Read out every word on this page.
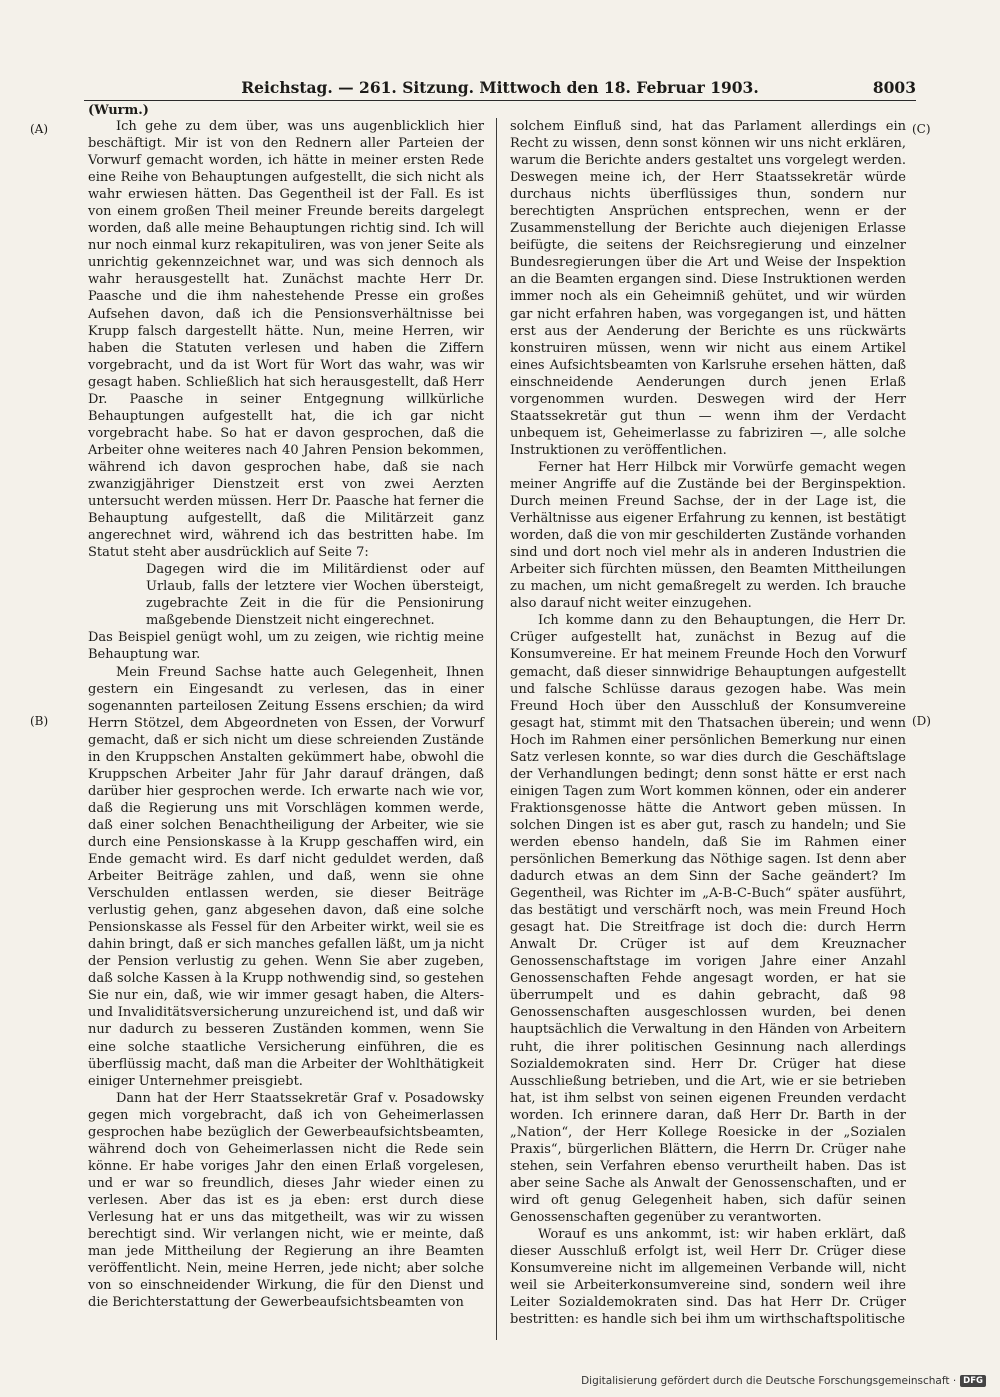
Reichstag. — 261. Sitzung. Mittwoch den 18. Februar 1903.	8003
(Wurm.)
(A)
(B)
(C)
(D)

Ich gehe zu dem über, was uns augenblicklich hier beschäftigt. Mir ist von den Rednern aller Parteien der Vorwurf gemacht worden, ich hätte in meiner ersten Rede eine Reihe von Behauptungen aufgestellt, die sich nicht als wahr erwiesen hätten. Das Gegentheil ist der Fall. Es ist von einem großen Theil meiner Freunde bereits dargelegt worden, daß alle meine Behauptungen richtig sind. Ich will nur noch einmal kurz rekapituliren, was von jener Seite als unrichtig gekennzeichnet war, und was sich dennoch als wahr herausgestellt hat. Zunächst machte Herr Dr. Paasche und die ihm nahestehende Presse ein großes Aufsehen davon, daß ich die Pensionsverhältnisse bei Krupp falsch dargestellt hätte. Nun, meine Herren, wir haben die Statuten verlesen und haben die Ziffern vorgebracht, und da ist Wort für Wort das wahr, was wir gesagt haben. Schließlich hat sich herausgestellt, daß Herr Dr. Paasche in seiner Entgegnung willkürliche Behauptungen aufgestellt hat, die ich gar nicht vorgebracht habe. So hat er davon gesprochen, daß die Arbeiter ohne weiteres nach 40 Jahren Pension bekommen, während ich davon gesprochen habe, daß sie nach zwanzigjähriger Dienstzeit erst von zwei Aerzten untersucht werden müssen. Herr Dr. Paasche hat ferner die Behauptung aufgestellt, daß die Militärzeit ganz angerechnet wird, während ich das bestritten habe. Im Statut steht aber ausdrücklich auf Seite 7:

Dagegen wird die im Militärdienst oder auf Urlaub, falls der letztere vier Wochen übersteigt, zugebrachte Zeit in die für die Pensionirung maßgebende Dienstzeit nicht eingerechnet.

Das Beispiel genügt wohl, um zu zeigen, wie richtig meine Behauptung war.

Mein Freund Sachse hatte auch Gelegenheit, Ihnen gestern ein Eingesandt zu verlesen, das in einer sogenannten parteilosen Zeitung Essens erschien; da wird Herrn Stötzel, dem Abgeordneten von Essen, der Vorwurf gemacht, daß er sich nicht um diese schreienden Zustände in den Kruppschen Anstalten gekümmert habe, obwohl die Kruppschen Arbeiter Jahr für Jahr darauf drängen, daß darüber hier gesprochen werde. Ich erwarte nach wie vor, daß die Regierung uns mit Vorschlägen kommen werde, daß einer solchen Benachtheiligung der Arbeiter, wie sie durch eine Pensionskasse à la Krupp geschaffen wird, ein Ende gemacht wird. Es darf nicht geduldet werden, daß Arbeiter Beiträge zahlen, und daß, wenn sie ohne Verschulden entlassen werden, sie dieser Beiträge verlustig gehen, ganz abgesehen davon, daß eine solche Pensionskasse als Fessel für den Arbeiter wirkt, weil sie es dahin bringt, daß er sich manches gefallen läßt, um ja nicht der Pension verlustig zu gehen. Wenn Sie aber zugeben, daß solche Kassen à la Krupp nothwendig sind, so gestehen Sie nur ein, daß, wie wir immer gesagt haben, die Alters- und Invaliditätsversicherung unzureichend ist, und daß wir nur dadurch zu besseren Zuständen kommen, wenn Sie eine solche staatliche Versicherung einführen, die es überflüssig macht, daß man die Arbeiter der Wohlthätigkeit einiger Unternehmer preisgiebt.

Dann hat der Herr Staatssekretär Graf v. Posadowsky gegen mich vorgebracht, daß ich von Geheimerlassen gesprochen habe bezüglich der Gewerbeaufsichtsbeamten, während doch von Geheimerlassen nicht die Rede sein könne. Er habe voriges Jahr den einen Erlaß vorgelesen, und er war so freundlich, dieses Jahr wieder einen zu verlesen. Aber das ist es ja eben: erst durch diese Verlesung hat er uns das mitgetheilt, was wir zu wissen berechtigt sind. Wir verlangen nicht, wie er meinte, daß man jede Mittheilung der Regierung an ihre Beamten veröffentlicht. Nein, meine Herren, jede nicht; aber solche von so einschneidender Wirkung, die für den Dienst und die Berichterstattung der Gewerbeaufsichtsbeamten von

solchem Einfluß sind, hat das Parlament allerdings ein Recht zu wissen, denn sonst können wir uns nicht erklären, warum die Berichte anders gestaltet uns vorgelegt werden. Deswegen meine ich, der Herr Staatssekretär würde durchaus nichts überflüssiges thun, sondern nur berechtigten Ansprüchen entsprechen, wenn er der Zusammenstellung der Berichte auch diejenigen Erlasse beifügte, die seitens der Reichsregierung und einzelner Bundesregierungen über die Art und Weise der Inspektion an die Beamten ergangen sind. Diese Instruktionen werden immer noch als ein Geheimniß gehütet, und wir würden gar nicht erfahren haben, was vorgegangen ist, und hätten erst aus der Aenderung der Berichte es uns rückwärts konstruiren müssen, wenn wir nicht aus einem Artikel eines Aufsichtsbeamten von Karlsruhe ersehen hätten, daß einschneidende Aenderungen durch jenen Erlaß vorgenommen wurden. Deswegen wird der Herr Staatssekretär gut thun — wenn ihm der Verdacht unbequem ist, Geheimerlasse zu fabriziren —, alle solche Instruktionen zu veröffentlichen.

Ferner hat Herr Hilbck mir Vorwürfe gemacht wegen meiner Angriffe auf die Zustände bei der Berginspektion. Durch meinen Freund Sachse, der in der Lage ist, die Verhältnisse aus eigener Erfahrung zu kennen, ist bestätigt worden, daß die von mir geschilderten Zustände vorhanden sind und dort noch viel mehr als in anderen Industrien die Arbeiter sich fürchten müssen, den Beamten Mittheilungen zu machen, um nicht gemaßregelt zu werden. Ich brauche also darauf nicht weiter einzugehen.

Ich komme dann zu den Behauptungen, die Herr Dr. Crüger aufgestellt hat, zunächst in Bezug auf die Konsumvereine. Er hat meinem Freunde Hoch den Vorwurf gemacht, daß dieser sinnwidrige Behauptungen aufgestellt und falsche Schlüsse daraus gezogen habe. Was mein Freund Hoch über den Ausschluß der Konsumvereine gesagt hat, stimmt mit den Thatsachen überein; und wenn Hoch im Rahmen einer persönlichen Bemerkung nur einen Satz verlesen konnte, so war dies durch die Geschäftslage der Verhandlungen bedingt; denn sonst hätte er erst nach einigen Tagen zum Wort kommen können, oder ein anderer Fraktionsgenosse hätte die Antwort geben müssen. In solchen Dingen ist es aber gut, rasch zu handeln; und Sie werden ebenso handeln, daß Sie im Rahmen einer persönlichen Bemerkung das Nöthige sagen. Ist denn aber dadurch etwas an dem Sinn der Sache geändert? Im Gegentheil, was Richter im „A-B-C-Buch“ später ausführt, das bestätigt und verschärft noch, was mein Freund Hoch gesagt hat. Die Streitfrage ist doch die: durch Herrn Anwalt Dr. Crüger ist auf dem Kreuznacher Genossenschaftstage im vorigen Jahre einer Anzahl Genossenschaften Fehde angesagt worden, er hat sie überrumpelt und es dahin gebracht, daß 98 Genossenschaften ausgeschlossen wurden, bei denen hauptsächlich die Verwaltung in den Händen von Arbeitern ruht, die ihrer politischen Gesinnung nach allerdings Sozialdemokraten sind. Herr Dr. Crüger hat diese Ausschließung betrieben, und die Art, wie er sie betrieben hat, ist ihm selbst von seinen eigenen Freunden verdacht worden. Ich erinnere daran, daß Herr Dr. Barth in der „Nation“, der Herr Kollege Roesicke in der „Sozialen Praxis“, bürgerlichen Blättern, die Herrn Dr. Crüger nahe stehen, sein Verfahren ebenso verurtheilt haben. Das ist aber seine Sache als Anwalt der Genossenschaften, und er wird oft genug Gelegenheit haben, sich dafür seinen Genossenschaften gegenüber zu verantworten.

Worauf es uns ankommt, ist: wir haben erklärt, daß dieser Ausschluß erfolgt ist, weil Herr Dr. Crüger diese Konsumvereine nicht im allgemeinen Verbande will, nicht weil sie Arbeiterkonsumvereine sind, sondern weil ihre Leiter Sozialdemokraten sind. Das hat Herr Dr. Crüger bestritten: es handle sich bei ihm um wirthschaftspolitische

Digitalisierung gefördert durch die Deutsche Forschungsgemeinschaft · DFG
